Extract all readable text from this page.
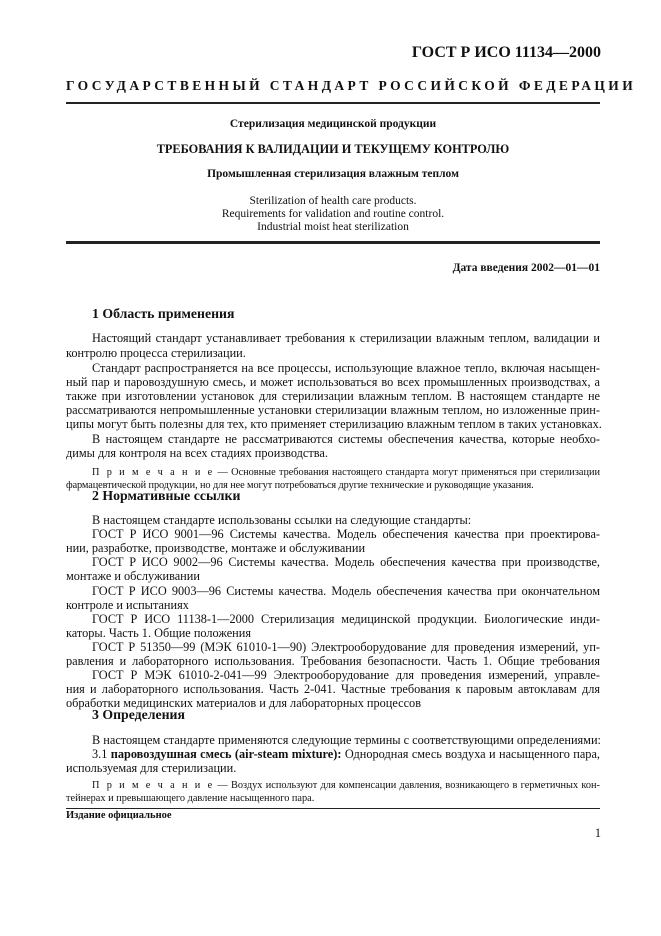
ГОСТ Р ИСО 11134—2000
ГОСУДАРСТВЕННЫЙ СТАНДАРТ РОССИЙСКОЙ ФЕДЕРАЦИИ
Стерилизация медицинской продукции
ТРЕБОВАНИЯ К ВАЛИДАЦИИ И ТЕКУЩЕМУ КОНТРОЛЮ
Промышленная стерилизация влажным теплом
Sterilization of health care products.
Requirements for validation and routine control.
Industrial moist heat sterilization
Дата введения 2002—01—01
1 Область применения
Настоящий стандарт устанавливает требования к стерилизации влажным теплом, валидации и
контролю процесса стерилизации.
Стандарт распространяется на все процессы, использующие влажное тепло, включая насыщен-
ный пар и паровоздушную смесь, и может использоваться во всех промышленных производствах, а
также при изготовлении установок для стерилизации влажным теплом. В настоящем стандарте не
рассматриваются непромышленные установки стерилизации влажным теплом, но изложенные прин-
ципы могут быть полезны для тех, кто применяет стерилизацию влажным теплом в таких установках.
В настоящем стандарте не рассматриваются системы обеспечения качества, которые необхо-
димы для контроля на всех стадиях производства.
П р и м е ч а н и е — Основные требования настоящего стандарта могут применяться при стерилизации
фармацевтической продукции, но для нее могут потребоваться другие технические и руководящие указания.
2 Нормативные ссылки
В настоящем стандарте использованы ссылки на следующие стандарты:
ГОСТ Р ИСО 9001—96 Системы качества. Модель обеспечения качества при проектирова-
нии, разработке, производстве, монтаже и обслуживании
ГОСТ Р ИСО 9002—96 Системы качества. Модель обеспечения качества при производстве,
монтаже и обслуживании
ГОСТ Р ИСО 9003—96 Системы качества. Модель обеспечения качества при окончательном
контроле и испытаниях
ГОСТ Р ИСО 11138-1—2000 Стерилизация медицинской продукции. Биологические инди-
каторы. Часть 1. Общие положения
ГОСТ Р 51350—99 (МЭК 61010-1—90) Электрооборудование для проведения измерений, уп-
равления и лабораторного использования. Требования безопасности. Часть 1. Общие требования
ГОСТ Р МЭК 61010-2-041—99 Электрооборудование для проведения измерений, управле-
ния и лабораторного использования. Часть 2-041. Частные требования к паровым автоклавам для
обработки медицинских материалов и для лабораторных процессов
3 Определения
В настоящем стандарте применяются следующие термины с соответствующими определениями:
3.1 паровоздушная смесь (air-steam mixture): Однородная смесь воздуха и насыщенного пара,
используемая для стерилизации.
П р и м е ч а н и е — Воздух используют для компенсации давления, возникающего в герметичных кон-
тейнерах и превышающего давление насыщенного пара.
Издание официальное
1
